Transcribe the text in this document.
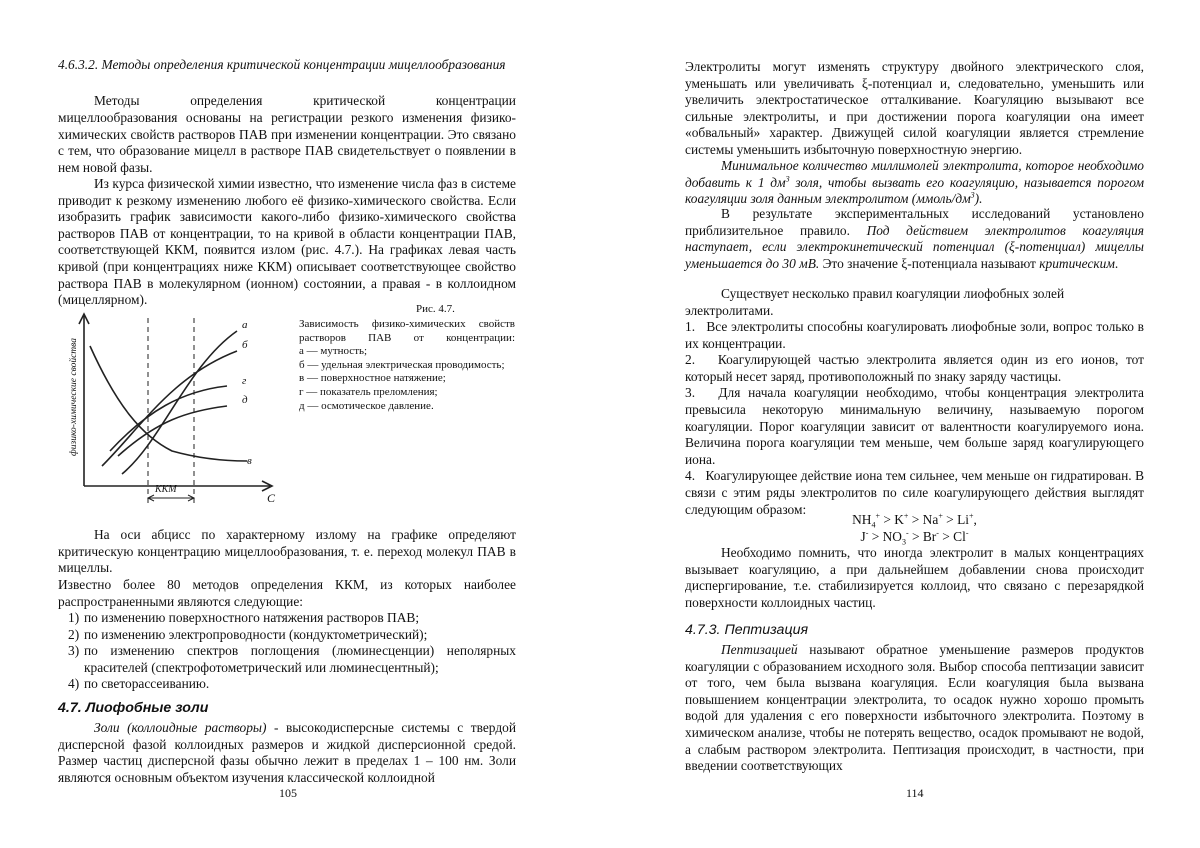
4.6.3.2. Методы определения критической концентрации мицеллообразования
Методы	определения	критической	концентрации
мицеллообразования основаны на регистрации резкого изменения физико-химических свойств растворов ПАВ при изменении концентрации. Это связано с тем, что образование мицелл в растворе ПАВ свидетельствует о появлении в нем новой фазы.
Из курса физической химии известно, что изменение числа фаз в системе приводит к резкому изменению любого её физико-химического свойства. Если изобразить график зависимости какого-либо физико-химического свойства растворов ПАВ от концентрации, то на кривой в области концентрации ПАВ, соответствующей ККМ, появится излом (рис. 4.7.). На графиках левая часть кривой (при концентрациях ниже ККМ) описывает соответствующее свойство раствора ПАВ в молекулярном (ионном) состоянии, а правая - в коллоидном (мицеллярном).
Рис. 4.7.
а
б
г
д
в
ККМ
С
физико-химические свойства
Зависимость физико-химических свойств растворов ПАВ от концентрации:
а — мутность;
б — удельная электрическая проводимость;
в — поверхностное натяжение;
г — показатель преломления;
д — осмотическое давление.
На оси абцисс по характерному излому на графике определяют критическую концентрацию мицеллообразования, т. е. переход молекул ПАВ в мицеллы.
Известно более 80 методов определения ККМ, из которых наиболее распространенными являются следующие:
1) по изменению поверхностного натяжения растворов ПАВ;
2) по изменению электропроводности (кондуктометрический);
3) по изменению спектров поглощения (люминесценции) неполярных красителей (спектрофотометрический или люминесцентный);
4) по светорассеиванию.
4.7. Лиофобные золи
Золи (коллоидные растворы) - высокодисперсные системы с твердой дисперсной фазой коллоидных размеров и жидкой дисперсионной средой. Размер частиц дисперсной фазы обычно лежит в пределах 1 – 100 нм. Золи являются основным объектом изучения классической коллоидной
105
Электролиты могут изменять структуру двойного электрического слоя, уменьшать или увеличивать ξ-потенциал и, следовательно, уменьшить или увеличить электростатическое отталкивание. Коагуляцию вызывают все сильные электролиты, и при достижении порога коагуляции она имеет «обвальный» характер. Движущей силой коагуляции является стремление системы уменьшить избыточную поверхностную энергию.
Минимальное количество миллимолей электролита, которое необходимо добавить к 1 $дм^3$ золя, чтобы вызвать его коагуляцию, называется порогом коагуляции золя данным электролитом $(ммоль/дм^3)$.
В результате экспериментальных исследований установлено приблизительное правило. Под действием электролитов коагуляция наступает, если электрокинетический потенциал (ξ-потенциал) мицеллы уменьшается до 30 мВ. Это значение ξ-потенциала называют критическим.
Существует несколько правил коагуляции лиофобных золей электролитами.
1. Все электролиты способны коагулировать лиофобные золи, вопрос только в их концентрации.
2. Коагулирующей частью электролита является один из его ионов, тот который несет заряд, противоположный по знаку заряду частицы.
3. Для начала коагуляции необходимо, чтобы концентрация электролита превысила некоторую минимальную величину, называемую порогом коагуляции. Порог коагуляции зависит от валентности коагулируемого иона. Величина порога коагуляции тем меньше, чем больше заряд коагулирующего иона.
4. Коагулирующее действие иона тем сильнее, чем меньше он гидратирован. В связи с этим ряды электролитов по силе коагулирующего действия выглядят следующим образом:
$NH_4^+ > K^+ > Na^+ > Li^+$,
$J^- > NO_3^- > Br^- > Cl^-$
Необходимо помнить, что иногда электролит в малых концентрациях вызывает коагуляцию, а при дальнейшем добавлении снова происходит диспергирование, т.е. стабилизируется коллоид, что связано с перезарядкой поверхности коллоидных частиц.
4.7.3. Пептизация
Пептизацией называют обратное уменьшение размеров продуктов коагуляции с образованием исходного золя. Выбор способа пептизации зависит от того, чем была вызвана коагуляция. Если коагуляция была вызвана повышением концентрации электролита, то осадок нужно хорошо промыть водой для удаления с его поверхности избыточного электролита. Поэтому в химическом анализе, чтобы не потерять вещество, осадок промывают не водой, а слабым раствором электролита. Пептизация происходит, в частности, при введении соответствующих
114
